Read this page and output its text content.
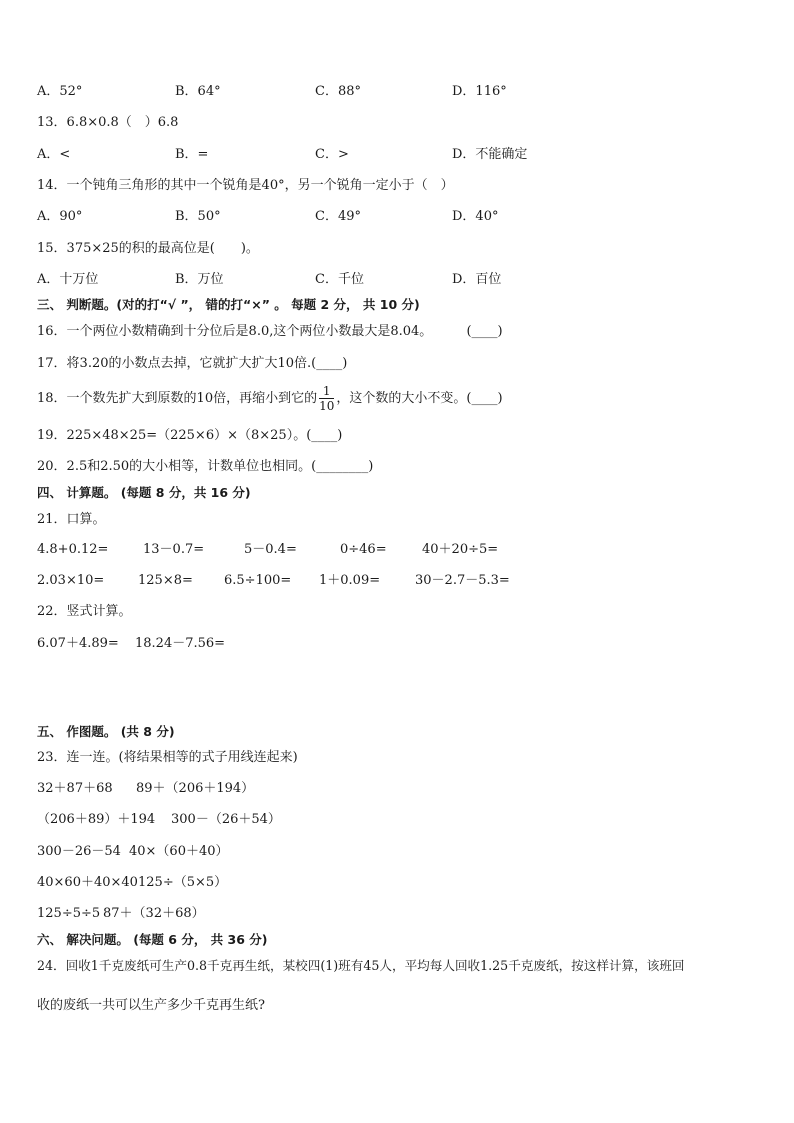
A．52°	B．64°	C．88°	D．116°
13．6.8×0.8（　）6.8
A．<	B．=	C．>	D．不能确定
14．一个钝角三角形的其中一个锐角是40°，另一个锐角一定小于（　）
A．90°	B．50°	C．49°	D．40°
15．375×25的积的最高位是(　　)。
A．十万位	B．万位	C．千位	D．百位
三、 判断题。(对的打“√ ”， 错的打“×” 。 每题 2 分， 共 10 分)
16．一个两位小数精确到十分位后是8.0,这个两位小数最大是8.04。	(____)
17．将3.20的小数点去掉，它就扩大扩大10倍.(____)
18．一个数先扩大到原数的10倍，再缩小到它的 $\frac{1}{10}$ ，这个数的大小不变。(____)
19．225×48×25=（225×6）×（8×25）。(____)
20．2.5和2.50的大小相等，计数单位也相同。(________)
四、 计算题。 (每题 8 分，共 16 分)
21．口算。
4.8+0.12=	13－0.7=	5－0.4=	0÷46=	40＋20÷5=
2.03×10=	125×8= 6.5÷100= 1＋0.09=	30－2.7－5.3=
22．竖式计算。
6.07＋4.89= 18.24－7.56=
五、 作图题。 (共 8 分)
23．连一连。(将结果相等的式子用线连起来)
32＋87＋68 89＋（206＋194）
（206＋89）＋194 300－（26＋54）
300－26－54 40×（60＋40）
40×60＋40×40 125÷（5×5）
125÷5÷5 87＋（32＋68）
六、 解决问题。 (每题 6 分， 共 36 分)
24．回收1千克废纸可生产0.8千克再生纸，某校四(1)班有45人，平均每人回收1.25千克废纸，按这样计算，该班回
收的废纸一共可以生产多少千克再生纸?
